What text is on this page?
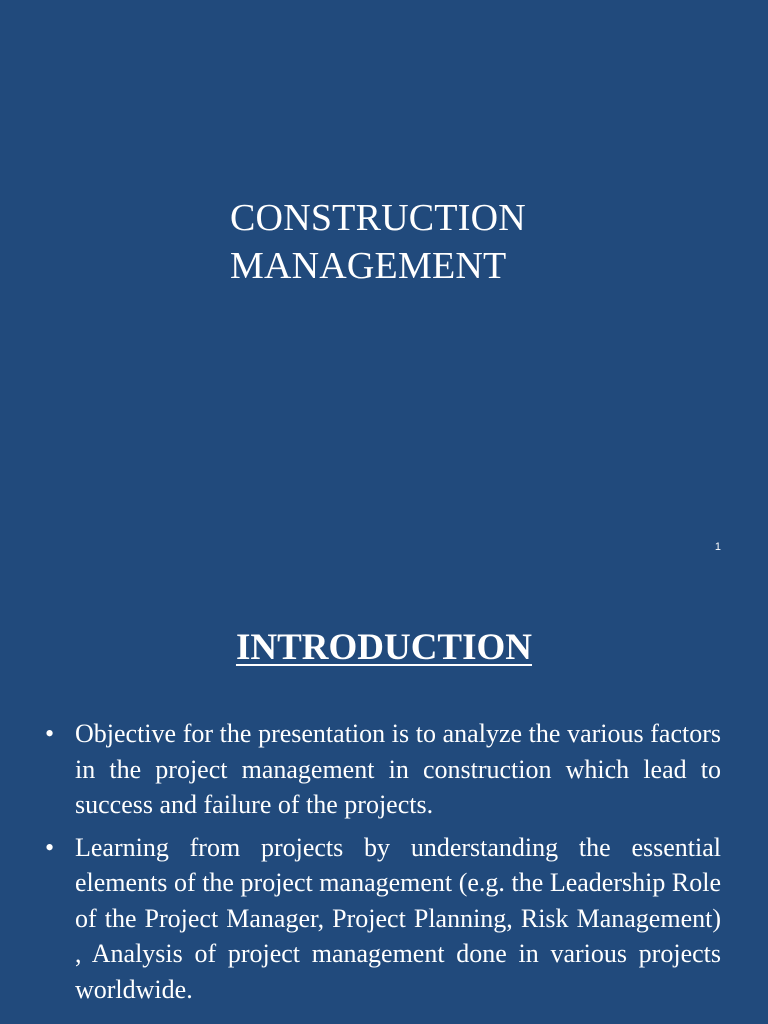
CONSTRUCTION
MANAGEMENT
1
INTRODUCTION
• Objective for the presentation is to analyze the various factors in the project management in construction which lead to success and failure of the projects.
• Learning from projects by understanding the essential elements of the project management (e.g. the Leadership Role of the Project Manager, Project Planning, Risk Management) , Analysis of project management done in various projects worldwide.
